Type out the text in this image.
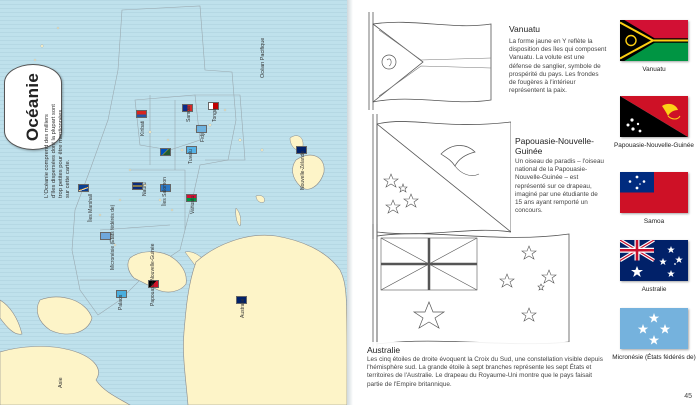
Îles Marshall	Micronésie (États fédérés de)
Kiribati
Samoa	Tonga
Nauru
Tuvalu
Fidji
Vanuatu
Îles Salomon
Papouasie-Nouvelle-Guinée
Palaos	Australie
Nouvelle-Zélande
Océan Pacifique
Asie
Océanie
L'Océanie comprend des milliers d'îles dispersées dont la plupart sont trop petites pour être mentionnées sur cette carte.
Vanuatu
La forme jaune en Y reflète la disposition des îles qui composent Vanuatu. La volute est une défense de sanglier, symbole de prospérité du pays. Les frondes de fougères à l'intérieur représentent la paix.
Papouasie-Nouvelle-Guinée
Un oiseau de paradis – l'oiseau national de la Papouasie-Nouvelle-Guinée – est représenté sur ce drapeau, imaginé par une étudiante de 15 ans ayant remporté un concours.
Australie
Les cinq étoiles de droite évoquent la Croix du Sud, une constellation visible depuis l'hémisphère sud. La grande étoile à sept branches représente les sept États et territoires de l'Australie. Le drapeau du Royaume-Uni montre que le pays faisait partie de l'Empire britannique.
Vanuatu
Papouasie-Nouvelle-Guinée
Samoa
Australie
Micronésie (États fédérés de)
45
